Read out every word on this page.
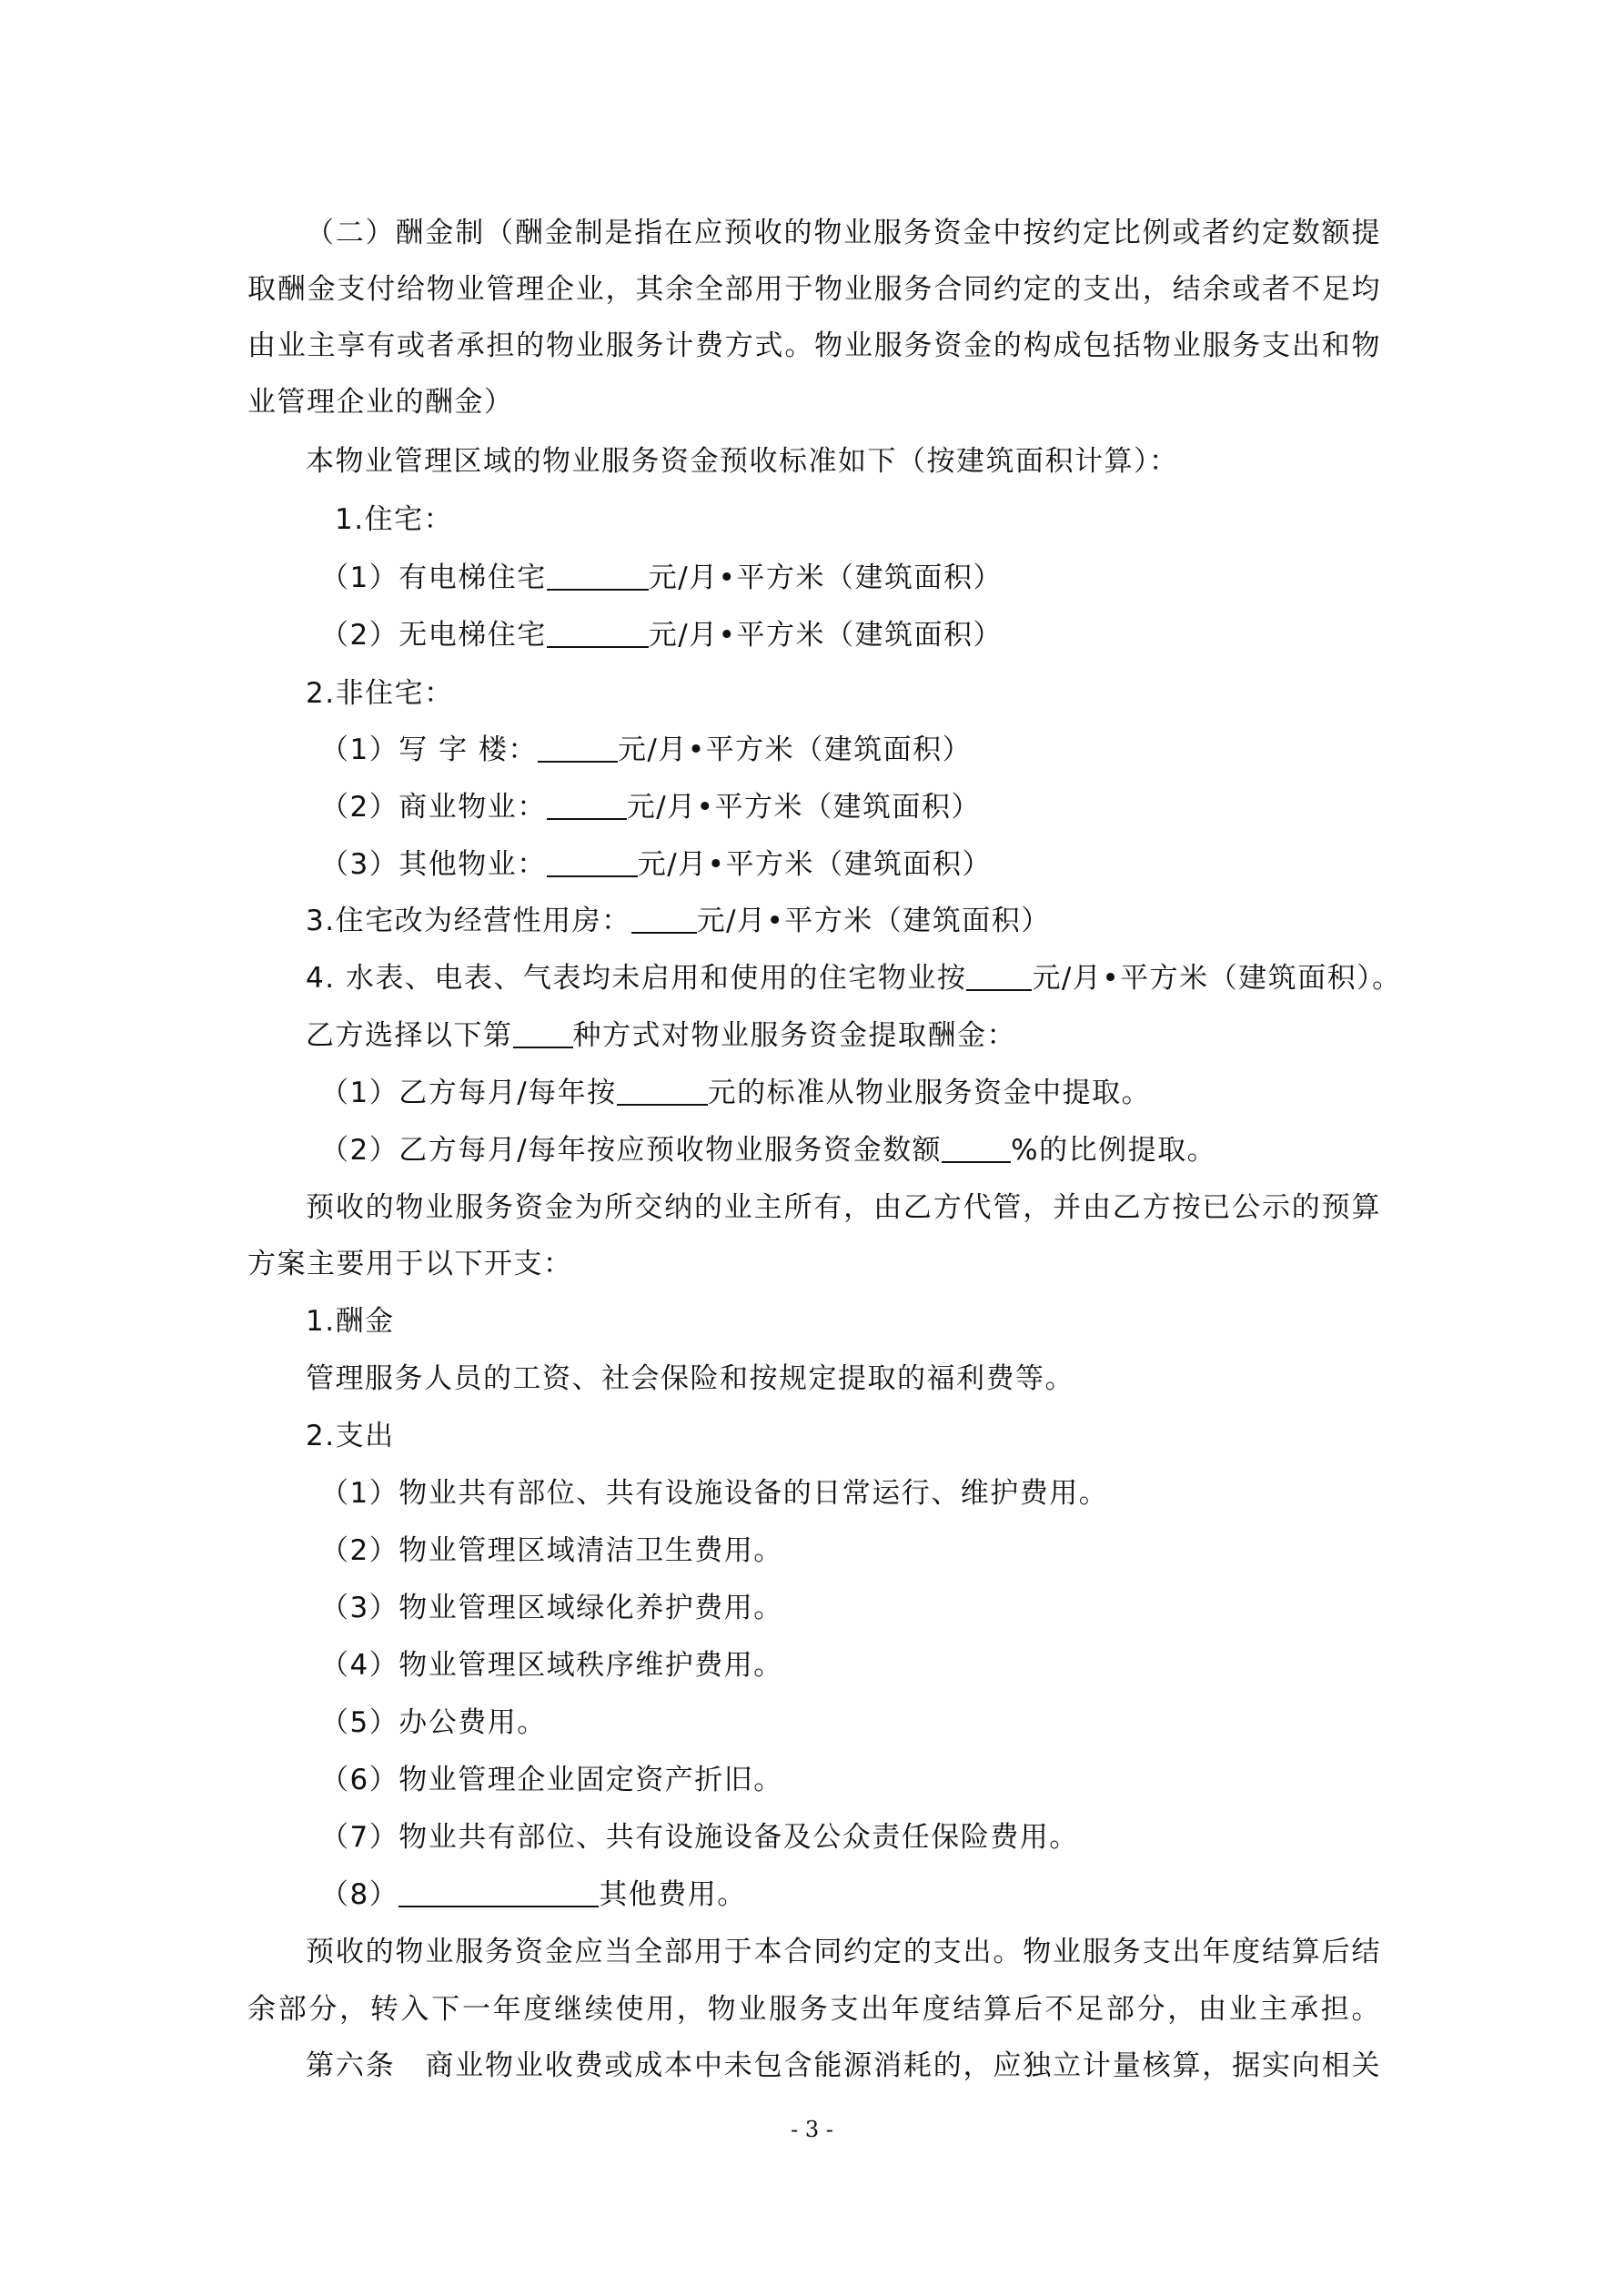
（二）酬金制（酬金制是指在应预收的物业服务资金中按约定比例或者约定数额提
取酬金支付给物业管理企业，其余全部用于物业服务合同约定的支出，结余或者不足均
由业主享有或者承担的物业服务计费方式。物业服务资金的构成包括物业服务支出和物
业管理企业的酬金）
本物业管理区域的物业服务资金预收标准如下（按建筑面积计算）：
1.住宅：
（1）有电梯住宅	元/月•平方米（建筑面积）
（2）无电梯住宅	元/月•平方米（建筑面积）
2.非住宅：
（1）写 字 楼：	元/月•平方米（建筑面积）
（2）商业物业：	元/月•平方米（建筑面积）
（3）其他物业：	元/月•平方米（建筑面积）
3.住宅改为经营性用房： 元/月•平方米（建筑面积）
4. 水表、电表、气表均未启用和使用的住宅物业按 元/月•平方米（建筑面积）。
乙方选择以下第 种方式对物业服务资金提取酬金：
（1）乙方每月/每年按	元的标准从物业服务资金中提取。
（2）乙方每月/每年按应预收物业服务资金数额 %的比例提取。
预收的物业服务资金为所交纳的业主所有，由乙方代管，并由乙方按已公示的预算
方案主要用于以下开支：
1.酬金
管理服务人员的工资、社会保险和按规定提取的福利费等。
2.支出
（1）物业共有部位、共有设施设备的日常运行、维护费用。
（2）物业管理区域清洁卫生费用。
（3）物业管理区域绿化养护费用。
（4）物业管理区域秩序维护费用。
（5）办公费用。
（6）物业管理企业固定资产折旧。
（7）物业共有部位、共有设施设备及公众责任保险费用。
（8）	其他费用。
预收的物业服务资金应当全部用于本合同约定的支出。物业服务支出年度结算后结
余部分，转入下一年度继续使用，物业服务支出年度结算后不足部分，由业主承担。
第六条　商业物业收费或成本中未包含能源消耗的，应独立计量核算，据实向相关
- 3 -
